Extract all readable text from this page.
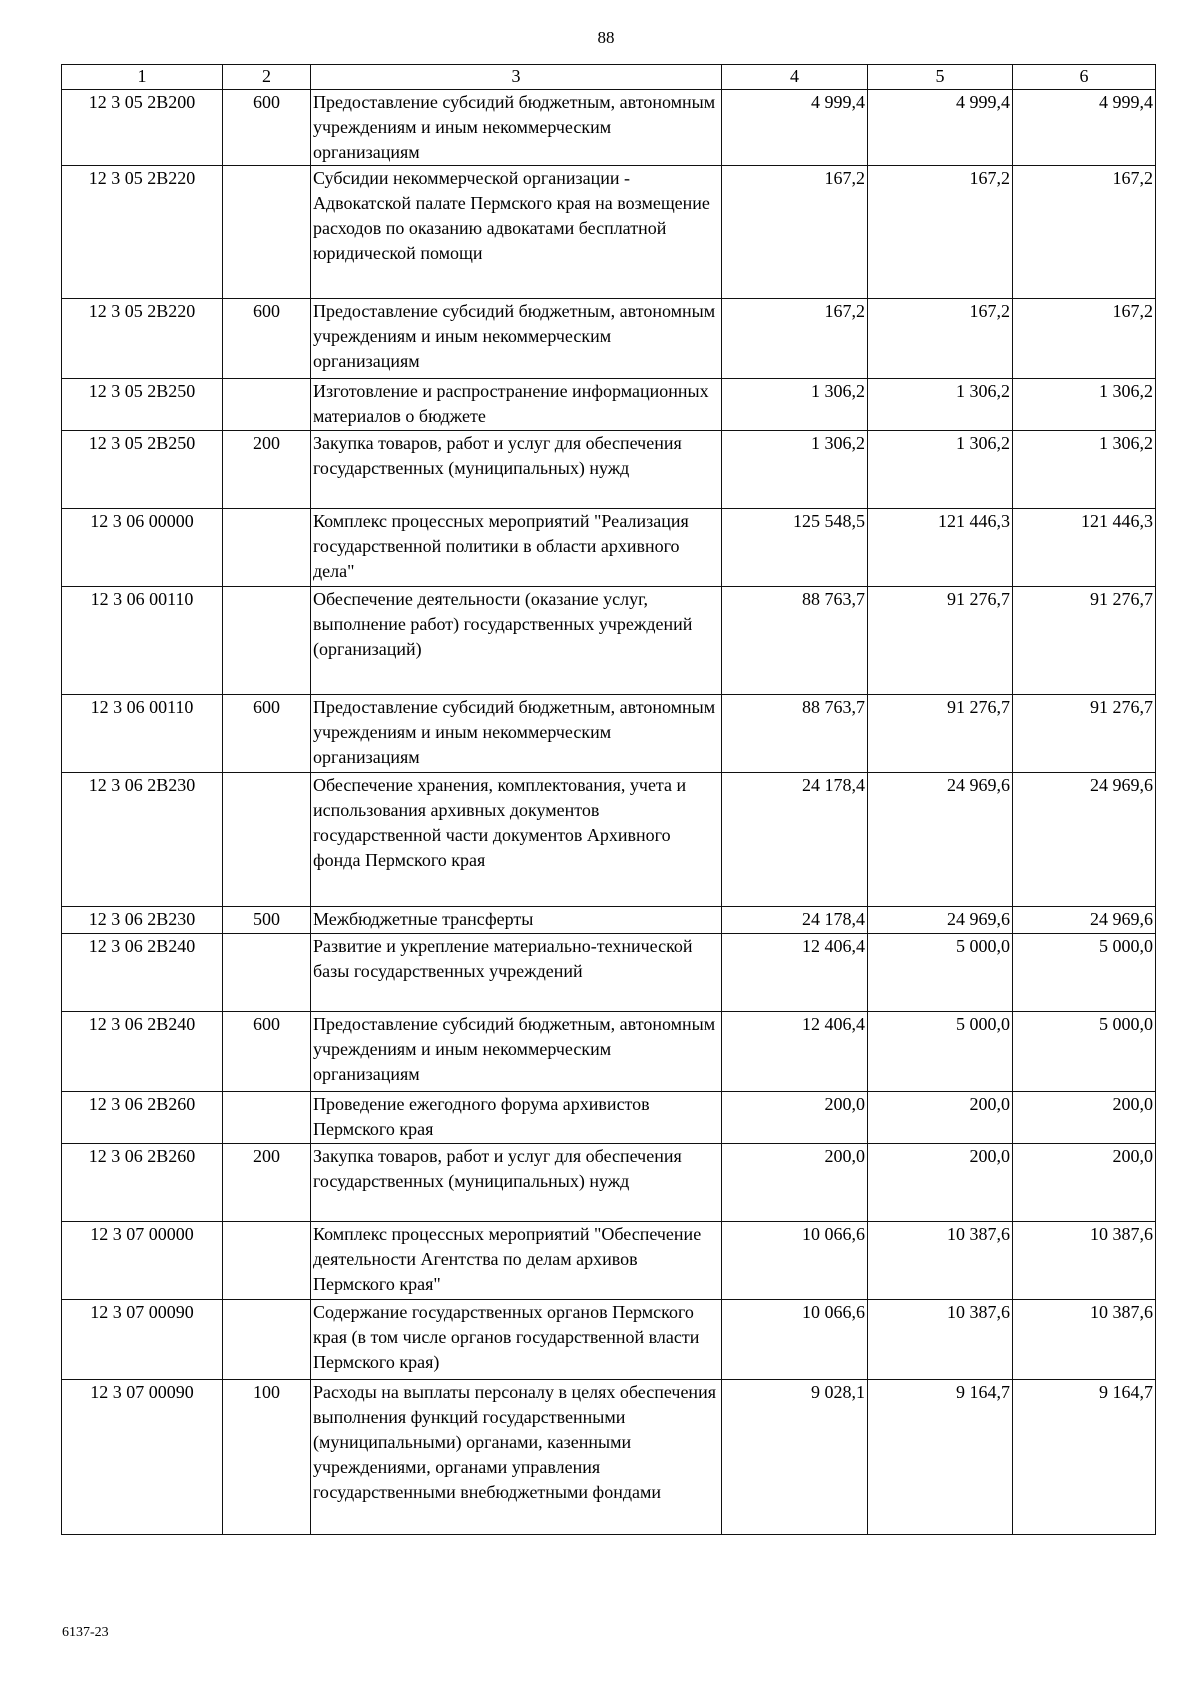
88
1	2	3	4	5	6
12 3 05 2В200	600	Предоставление субсидий бюджетным, автономным учреждениям и иным некоммерческим организациям	4 999,4	4 999,4	4 999,4
12 3 05 2В220		Субсидии некоммерческой организации - Адвокатской палате Пермского края на возмещение расходов по оказанию адвокатами бесплатной юридической помощи	167,2	167,2	167,2
12 3 05 2В220	600	Предоставление субсидий бюджетным, автономным учреждениям и иным некоммерческим организациям	167,2	167,2	167,2
12 3 05 2В250		Изготовление и распространение информационных материалов о бюджете	1 306,2	1 306,2	1 306,2
12 3 05 2В250	200	Закупка товаров, работ и услуг для обеспечения государственных (муниципальных) нужд	1 306,2	1 306,2	1 306,2
12 3 06 00000		Комплекс процессных мероприятий "Реализация государственной политики в области архивного дела"	125 548,5	121 446,3	121 446,3
12 3 06 00110		Обеспечение деятельности (оказание услуг, выполнение работ) государственных учреждений (организаций)	88 763,7	91 276,7	91 276,7
12 3 06 00110	600	Предоставление субсидий бюджетным, автономным учреждениям и иным некоммерческим организациям	88 763,7	91 276,7	91 276,7
12 3 06 2В230		Обеспечение хранения, комплектования, учета и использования архивных документов государственной части документов Архивного фонда Пермского края	24 178,4	24 969,6	24 969,6
12 3 06 2В230	500	Межбюджетные трансферты	24 178,4	24 969,6	24 969,6
12 3 06 2В240		Развитие и укрепление материально-технической базы государственных учреждений	12 406,4	5 000,0	5 000,0
12 3 06 2В240	600	Предоставление субсидий бюджетным, автономным учреждениям и иным некоммерческим организациям	12 406,4	5 000,0	5 000,0
12 3 06 2В260		Проведение ежегодного форума архивистов Пермского края	200,0	200,0	200,0
12 3 06 2В260	200	Закупка товаров, работ и услуг для обеспечения государственных (муниципальных) нужд	200,0	200,0	200,0
12 3 07 00000		Комплекс процессных мероприятий "Обеспечение деятельности Агентства по делам архивов Пермского края"	10 066,6	10 387,6	10 387,6
12 3 07 00090		Содержание государственных органов Пермского края (в том числе органов государственной власти Пермского края)	10 066,6	10 387,6	10 387,6
12 3 07 00090	100	Расходы на выплаты персоналу в целях обеспечения выполнения функций государственными (муниципальными) органами, казенными учреждениями, органами управления государственными внебюджетными фондами	9 028,1	9 164,7	9 164,7
6137-23
